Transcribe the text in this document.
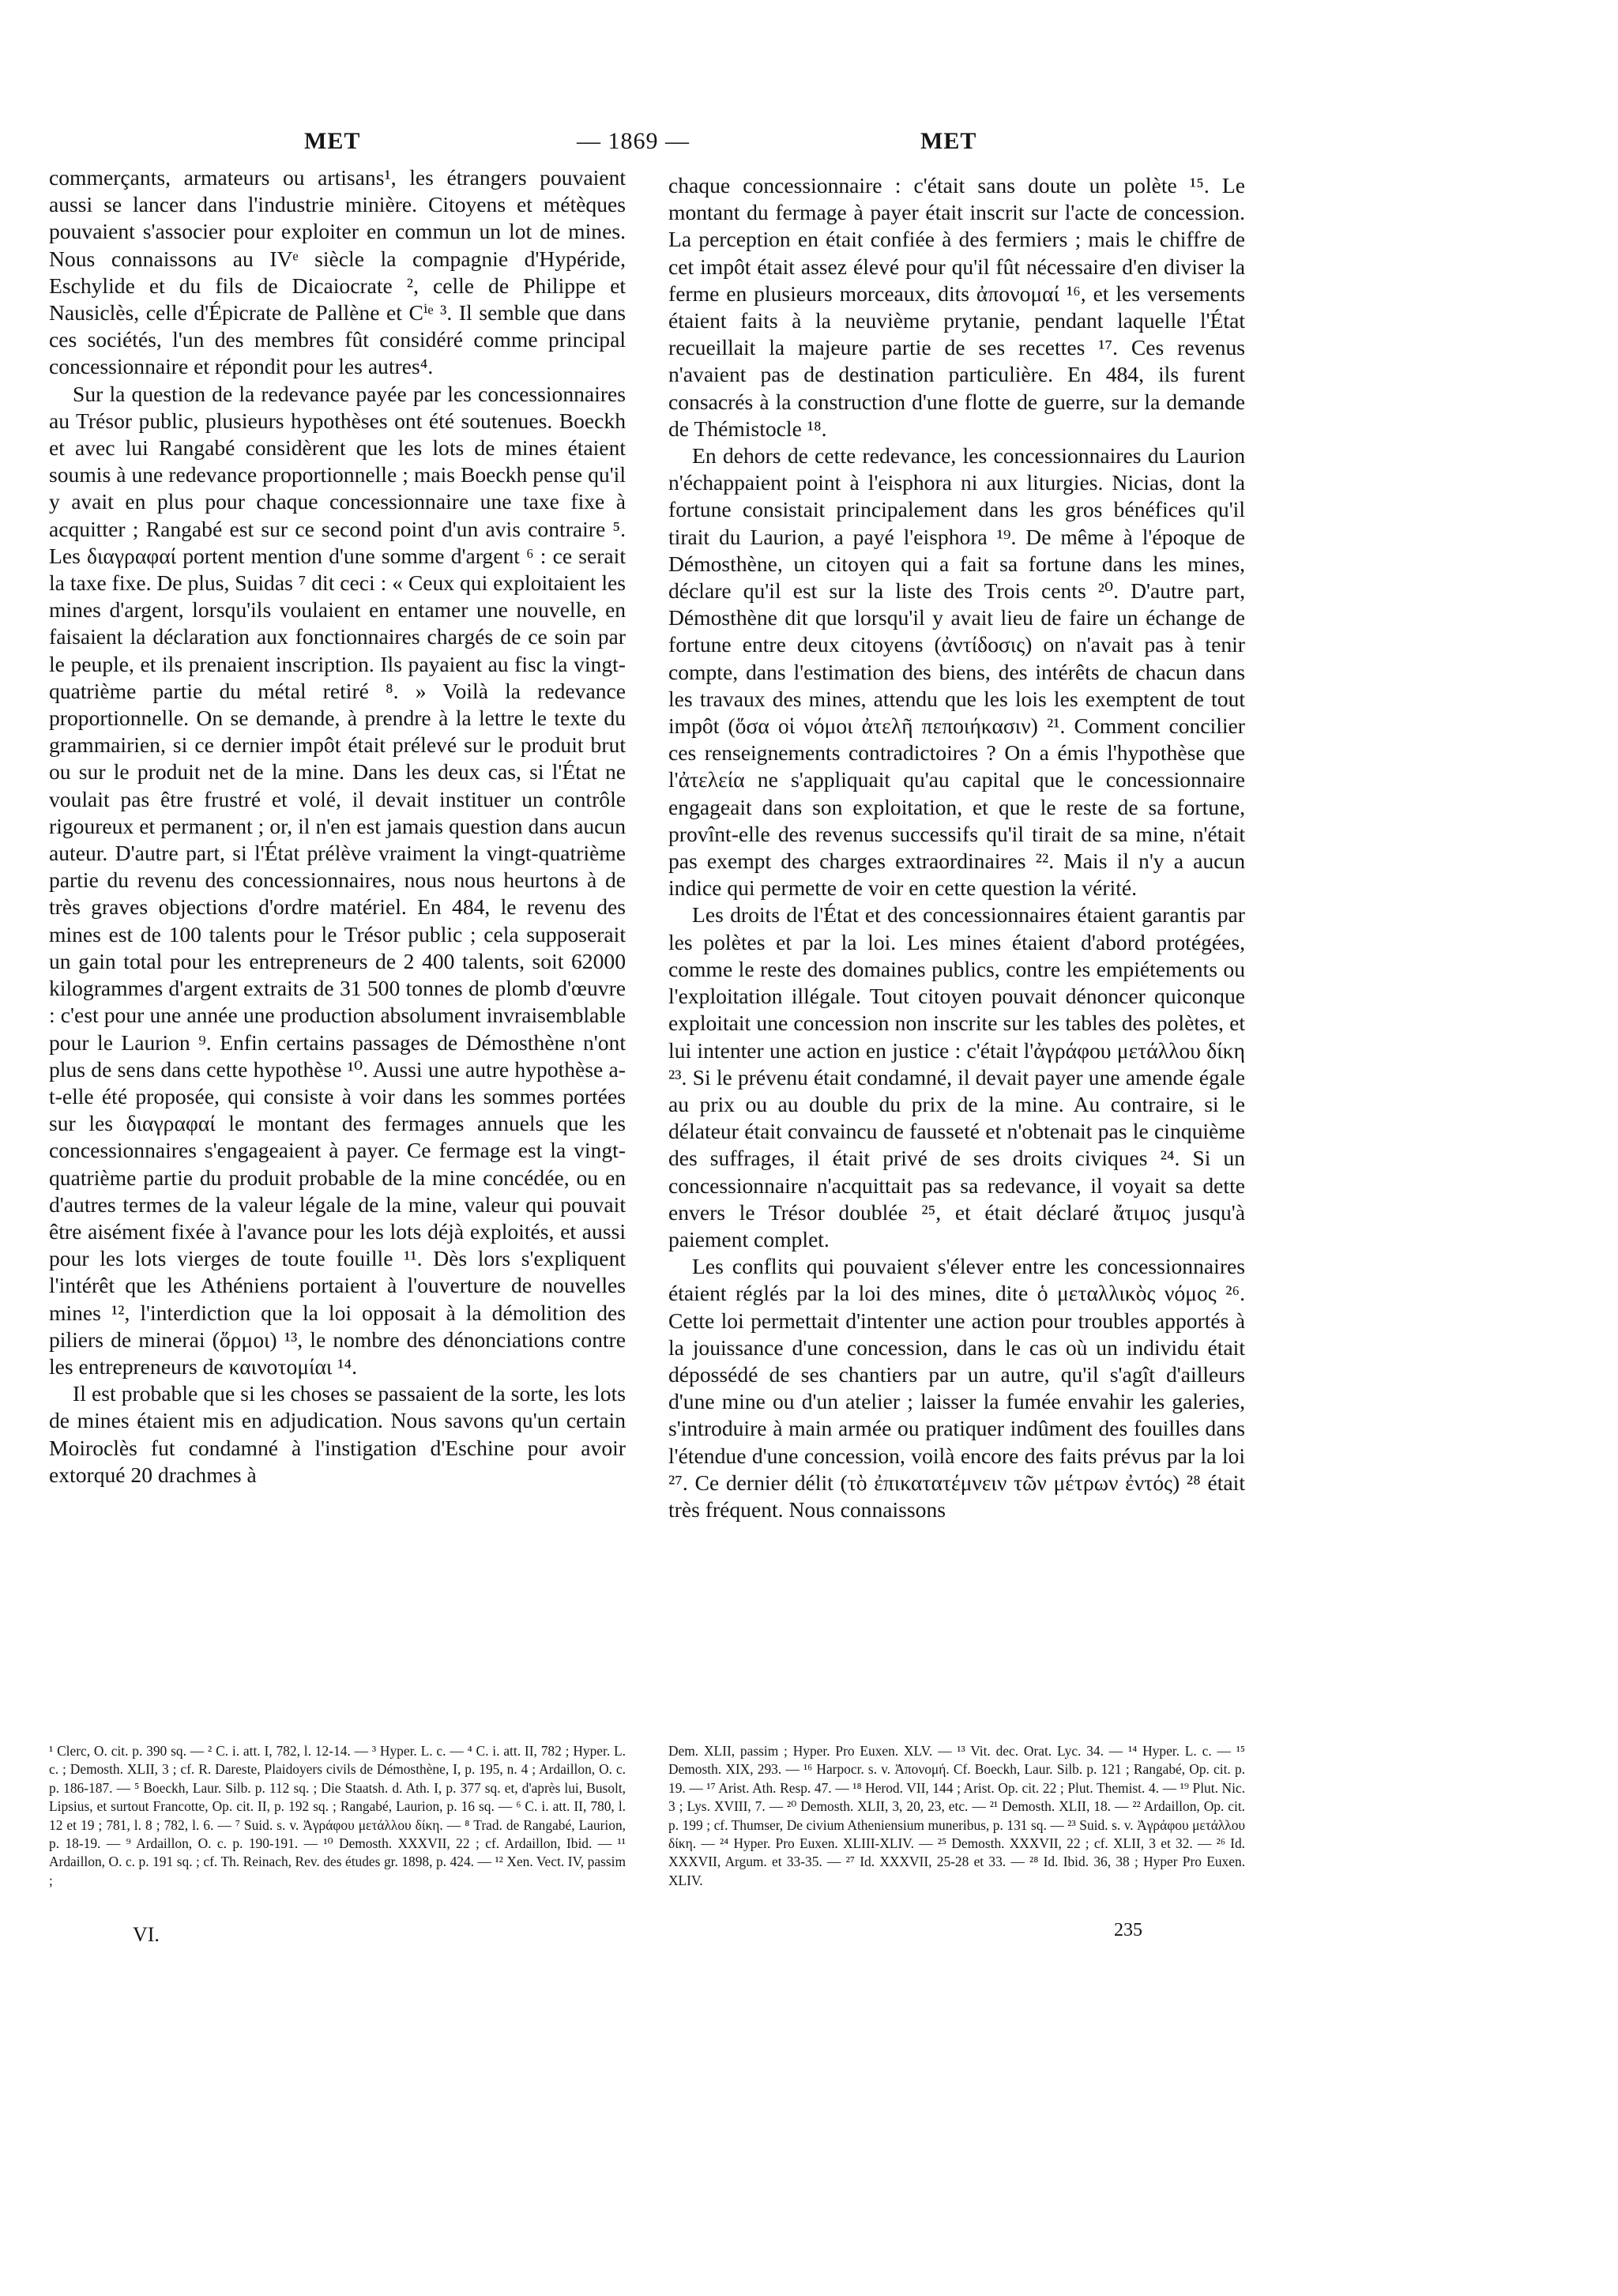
MET	— 1869 —	MET

commerçants, armateurs ou artisans¹, les étrangers pouvaient aussi se lancer dans l'industrie minière. Citoyens et métèques pouvaient s'associer pour exploiter en commun un lot de mines. Nous connaissons au IVᵉ siècle la compagnie d'Hypéride, Eschylide et du fils de Dicaiocrate ², celle de Philippe et Nausiclès, celle d'Épicrate de Pallène et Cⁱᵉ ³. Il semble que dans ces sociétés, l'un des membres fût considéré comme principal concessionnaire et répondit pour les autres⁴.

Sur la question de la redevance payée par les concessionnaires au Trésor public, plusieurs hypothèses ont été soutenues. Boeckh et avec lui Rangabé considèrent que les lots de mines étaient soumis à une redevance proportionnelle ; mais Boeckh pense qu'il y avait en plus pour chaque concessionnaire une taxe fixe à acquitter ; Rangabé est sur ce second point d'un avis contraire ⁵. Les διαγραφαί portent mention d'une somme d'argent ⁶ : ce serait la taxe fixe. De plus, Suidas ⁷ dit ceci : « Ceux qui exploitaient les mines d'argent, lorsqu'ils voulaient en entamer une nouvelle, en faisaient la déclaration aux fonctionnaires chargés de ce soin par le peuple, et ils prenaient inscription. Ils payaient au fisc la vingt-quatrième partie du métal retiré ⁸. » Voilà la redevance proportionnelle. On se demande, à prendre à la lettre le texte du grammairien, si ce dernier impôt était prélevé sur le produit brut ou sur le produit net de la mine. Dans les deux cas, si l'État ne voulait pas être frustré et volé, il devait instituer un contrôle rigoureux et permanent ; or, il n'en est jamais question dans aucun auteur. D'autre part, si l'État prélève vraiment la vingt-quatrième partie du revenu des concessionnaires, nous nous heurtons à de très graves objections d'ordre matériel. En 484, le revenu des mines est de 100 talents pour le Trésor public ; cela supposerait un gain total pour les entrepreneurs de 2 400 talents, soit 62000 kilogrammes d'argent extraits de 31 500 tonnes de plomb d'œuvre : c'est pour une année une production absolument invraisemblable pour le Laurion ⁹. Enfin certains passages de Démosthène n'ont plus de sens dans cette hypothèse ¹⁰. Aussi une autre hypothèse a-t-elle été proposée, qui consiste à voir dans les sommes portées sur les διαγραφαί le montant des fermages annuels que les concessionnaires s'engageaient à payer. Ce fermage est la vingt-quatrième partie du produit probable de la mine concédée, ou en d'autres termes de la valeur légale de la mine, valeur qui pouvait être aisément fixée à l'avance pour les lots déjà exploités, et aussi pour les lots vierges de toute fouille ¹¹. Dès lors s'expliquent l'intérêt que les Athéniens portaient à l'ouverture de nouvelles mines ¹², l'interdiction que la loi opposait à la démolition des piliers de minerai (ὅρμοι) ¹³, le nombre des dénonciations contre les entrepreneurs de καινοτομίαι ¹⁴.

Il est probable que si les choses se passaient de la sorte, les lots de mines étaient mis en adjudication. Nous savons qu'un certain Moiroclès fut condamné à l'instigation d'Eschine pour avoir extorqué 20 drachmes à

chaque concessionnaire : c'était sans doute un polète ¹⁵. Le montant du fermage à payer était inscrit sur l'acte de concession. La perception en était confiée à des fermiers ; mais le chiffre de cet impôt était assez élevé pour qu'il fût nécessaire d'en diviser la ferme en plusieurs morceaux, dits ἀπονομαί ¹⁶, et les versements étaient faits à la neuvième prytanie, pendant laquelle l'État recueillait la majeure partie de ses recettes ¹⁷. Ces revenus n'avaient pas de destination particulière. En 484, ils furent consacrés à la construction d'une flotte de guerre, sur la demande de Thémistocle ¹⁸.

En dehors de cette redevance, les concessionnaires du Laurion n'échappaient point à l'eisphora ni aux liturgies. Nicias, dont la fortune consistait principalement dans les gros bénéfices qu'il tirait du Laurion, a payé l'eisphora ¹⁹. De même à l'époque de Démosthène, un citoyen qui a fait sa fortune dans les mines, déclare qu'il est sur la liste des Trois cents ²⁰. D'autre part, Démosthène dit que lorsqu'il y avait lieu de faire un échange de fortune entre deux citoyens (ἀντίδοσις) on n'avait pas à tenir compte, dans l'estimation des biens, des intérêts de chacun dans les travaux des mines, attendu que les lois les exemptent de tout impôt (ὅσα οἱ νόμοι ἀτελῆ πεποιήκασιν) ²¹. Comment concilier ces renseignements contradictoires ? On a émis l'hypothèse que l'ἀτελεία ne s'appliquait qu'au capital que le concessionnaire engageait dans son exploitation, et que le reste de sa fortune, provînt-elle des revenus successifs qu'il tirait de sa mine, n'était pas exempt des charges extraordinaires ²². Mais il n'y a aucun indice qui permette de voir en cette question la vérité.

Les droits de l'État et des concessionnaires étaient garantis par les polètes et par la loi. Les mines étaient d'abord protégées, comme le reste des domaines publics, contre les empiétements ou l'exploitation illégale. Tout citoyen pouvait dénoncer quiconque exploitait une concession non inscrite sur les tables des polètes, et lui intenter une action en justice : c'était l'ἀγράφου μετάλλου δίκη ²³. Si le prévenu était condamné, il devait payer une amende égale au prix ou au double du prix de la mine. Au contraire, si le délateur était convaincu de fausseté et n'obtenait pas le cinquième des suffrages, il était privé de ses droits civiques ²⁴. Si un concessionnaire n'acquittait pas sa redevance, il voyait sa dette envers le Trésor doublée ²⁵, et était déclaré ἄτιμος jusqu'à paiement complet.

Les conflits qui pouvaient s'élever entre les concessionnaires étaient réglés par la loi des mines, dite ὁ μεταλλικὸς νόμος ²⁶. Cette loi permettait d'intenter une action pour troubles apportés à la jouissance d'une concession, dans le cas où un individu était dépossédé de ses chantiers par un autre, qu'il s'agît d'ailleurs d'une mine ou d'un atelier ; laisser la fumée envahir les galeries, s'introduire à main armée ou pratiquer indûment des fouilles dans l'étendue d'une concession, voilà encore des faits prévus par la loi ²⁷. Ce dernier délit (τὸ ἐπικατατέμνειν τῶν μέτρων ἐντός) ²⁸ était très fréquent. Nous connaissons

¹ Clerc, O. cit. p. 390 sq. — ² C. i. att. I, 782, l. 12-14. — ³ Hyper. L. c. — ⁴ C. i. att. II, 782 ; Hyper. L. c. ; Demosth. XLII, 3 ; cf. R. Dareste, Plaidoyers civils de Démosthène, I, p. 195, n. 4 ; Ardaillon, O. c. p. 186-187. — ⁵ Boeckh, Laur. Silb. p. 112 sq. ; Die Staatsh. d. Ath. I, p. 377 sq. et, d'après lui, Busolt, Lipsius, et surtout Francotte, Op. cit. II, p. 192 sq. ; Rangabé, Laurion, p. 16 sq. — ⁶ C. i. att. II, 780, l. 12 et 19 ; 781, l. 8 ; 782, l. 6. — ⁷ Suid. s. v. Ἀγράφου μετάλλου δίκη. — ⁸ Trad. de Rangabé, Laurion, p. 18-19. — ⁹ Ardaillon, O. c. p. 190-191. — ¹⁰ Demosth. XXXVII, 22 ; cf. Ardaillon, Ibid. — ¹¹ Ardaillon, O. c. p. 191 sq. ; cf. Th. Reinach, Rev. des études gr. 1898, p. 424. — ¹² Xen. Vect. IV, passim ;
Dem. XLII, passim ; Hyper. Pro Euxen. XLV. — ¹³ Vit. dec. Orat. Lyc. 34. — ¹⁴ Hyper. L. c. — ¹⁵ Demosth. XIX, 293. — ¹⁶ Harpocr. s. v. Ἀπονομή. Cf. Boeckh, Laur. Silb. p. 121 ; Rangabé, Op. cit. p. 19. — ¹⁷ Arist. Ath. Resp. 47. — ¹⁸ Herod. VII, 144 ; Arist. Op. cit. 22 ; Plut. Themist. 4. — ¹⁹ Plut. Nic. 3 ; Lys. XVIII, 7. — ²⁰ Demosth. XLII, 3, 20, 23, etc. — ²¹ Demosth. XLII, 18. — ²² Ardaillon, Op. cit. p. 199 ; cf. Thumser, De civium Atheniensium muneribus, p. 131 sq. — ²³ Suid. s. v. Ἀγράφου μετάλλου δίκη. — ²⁴ Hyper. Pro Euxen. XLIII-XLIV. — ²⁵ Demosth. XXXVII, 22 ; cf. XLII, 3 et 32. — ²⁶ Id. XXXVII, Argum. et 33-35. — ²⁷ Id. XXXVII, 25-28 et 33. — ²⁸ Id. Ibid. 36, 38 ; Hyper Pro Euxen. XLIV.
VI.	235
